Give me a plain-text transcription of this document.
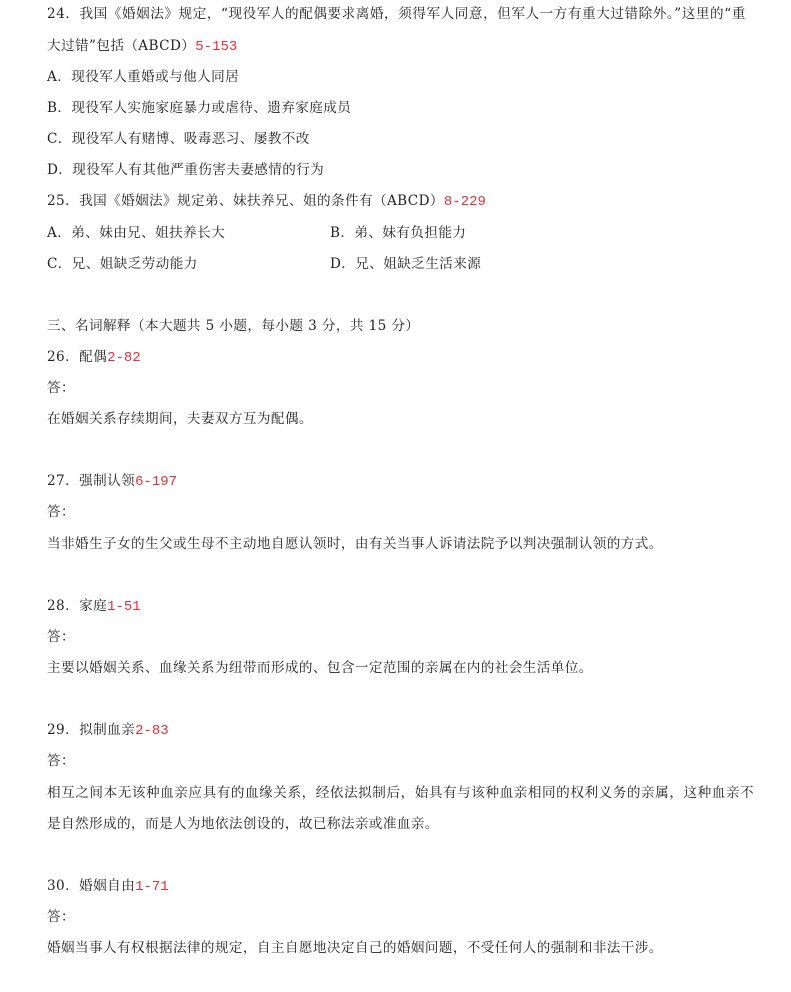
24．我国《婚姻法》规定，“现役军人的配偶要求离婚，须得军人同意，但军人一方有重大过错除外。”这里的“重
大过错”包括（ABCD）5-153
A．现役军人重婚或与他人同居
B．现役军人实施家庭暴力或虐待、遗弃家庭成员
C．现役军人有赌博、吸毒恶习、屡教不改
D．现役军人有其他严重伤害夫妻感情的行为
25．我国《婚姻法》规定弟、妹扶养兄、姐的条件有（ABCD）8-229
A．弟、妹由兄、姐扶养长大	B．弟、妹有负担能力
C．兄、姐缺乏劳动能力	D．兄、姐缺乏生活来源
三、名词解释（本大题共 5 小题，每小题 3 分，共 15 分）
26．配偶2-82
答：
在婚姻关系存续期间，夫妻双方互为配偶。
27．强制认领6-197
答：
当非婚生子女的生父或生母不主动地自愿认领时，由有关当事人诉请法院予以判决强制认领的方式。
28．家庭1-51
答：
主要以婚姻关系、血缘关系为纽带而形成的、包含一定范围的亲属在内的社会生活单位。
29．拟制血亲2-83
答：
相互之间本无该种血亲应具有的血缘关系，经依法拟制后，始具有与该种血亲相同的权利义务的亲属，这种血亲不
是自然形成的，而是人为地依法创设的，故已称法亲或准血亲。
30．婚姻自由1-71
答：
婚姻当事人有权根据法律的规定，自主自愿地决定自己的婚姻问题，不受任何人的强制和非法干涉。
